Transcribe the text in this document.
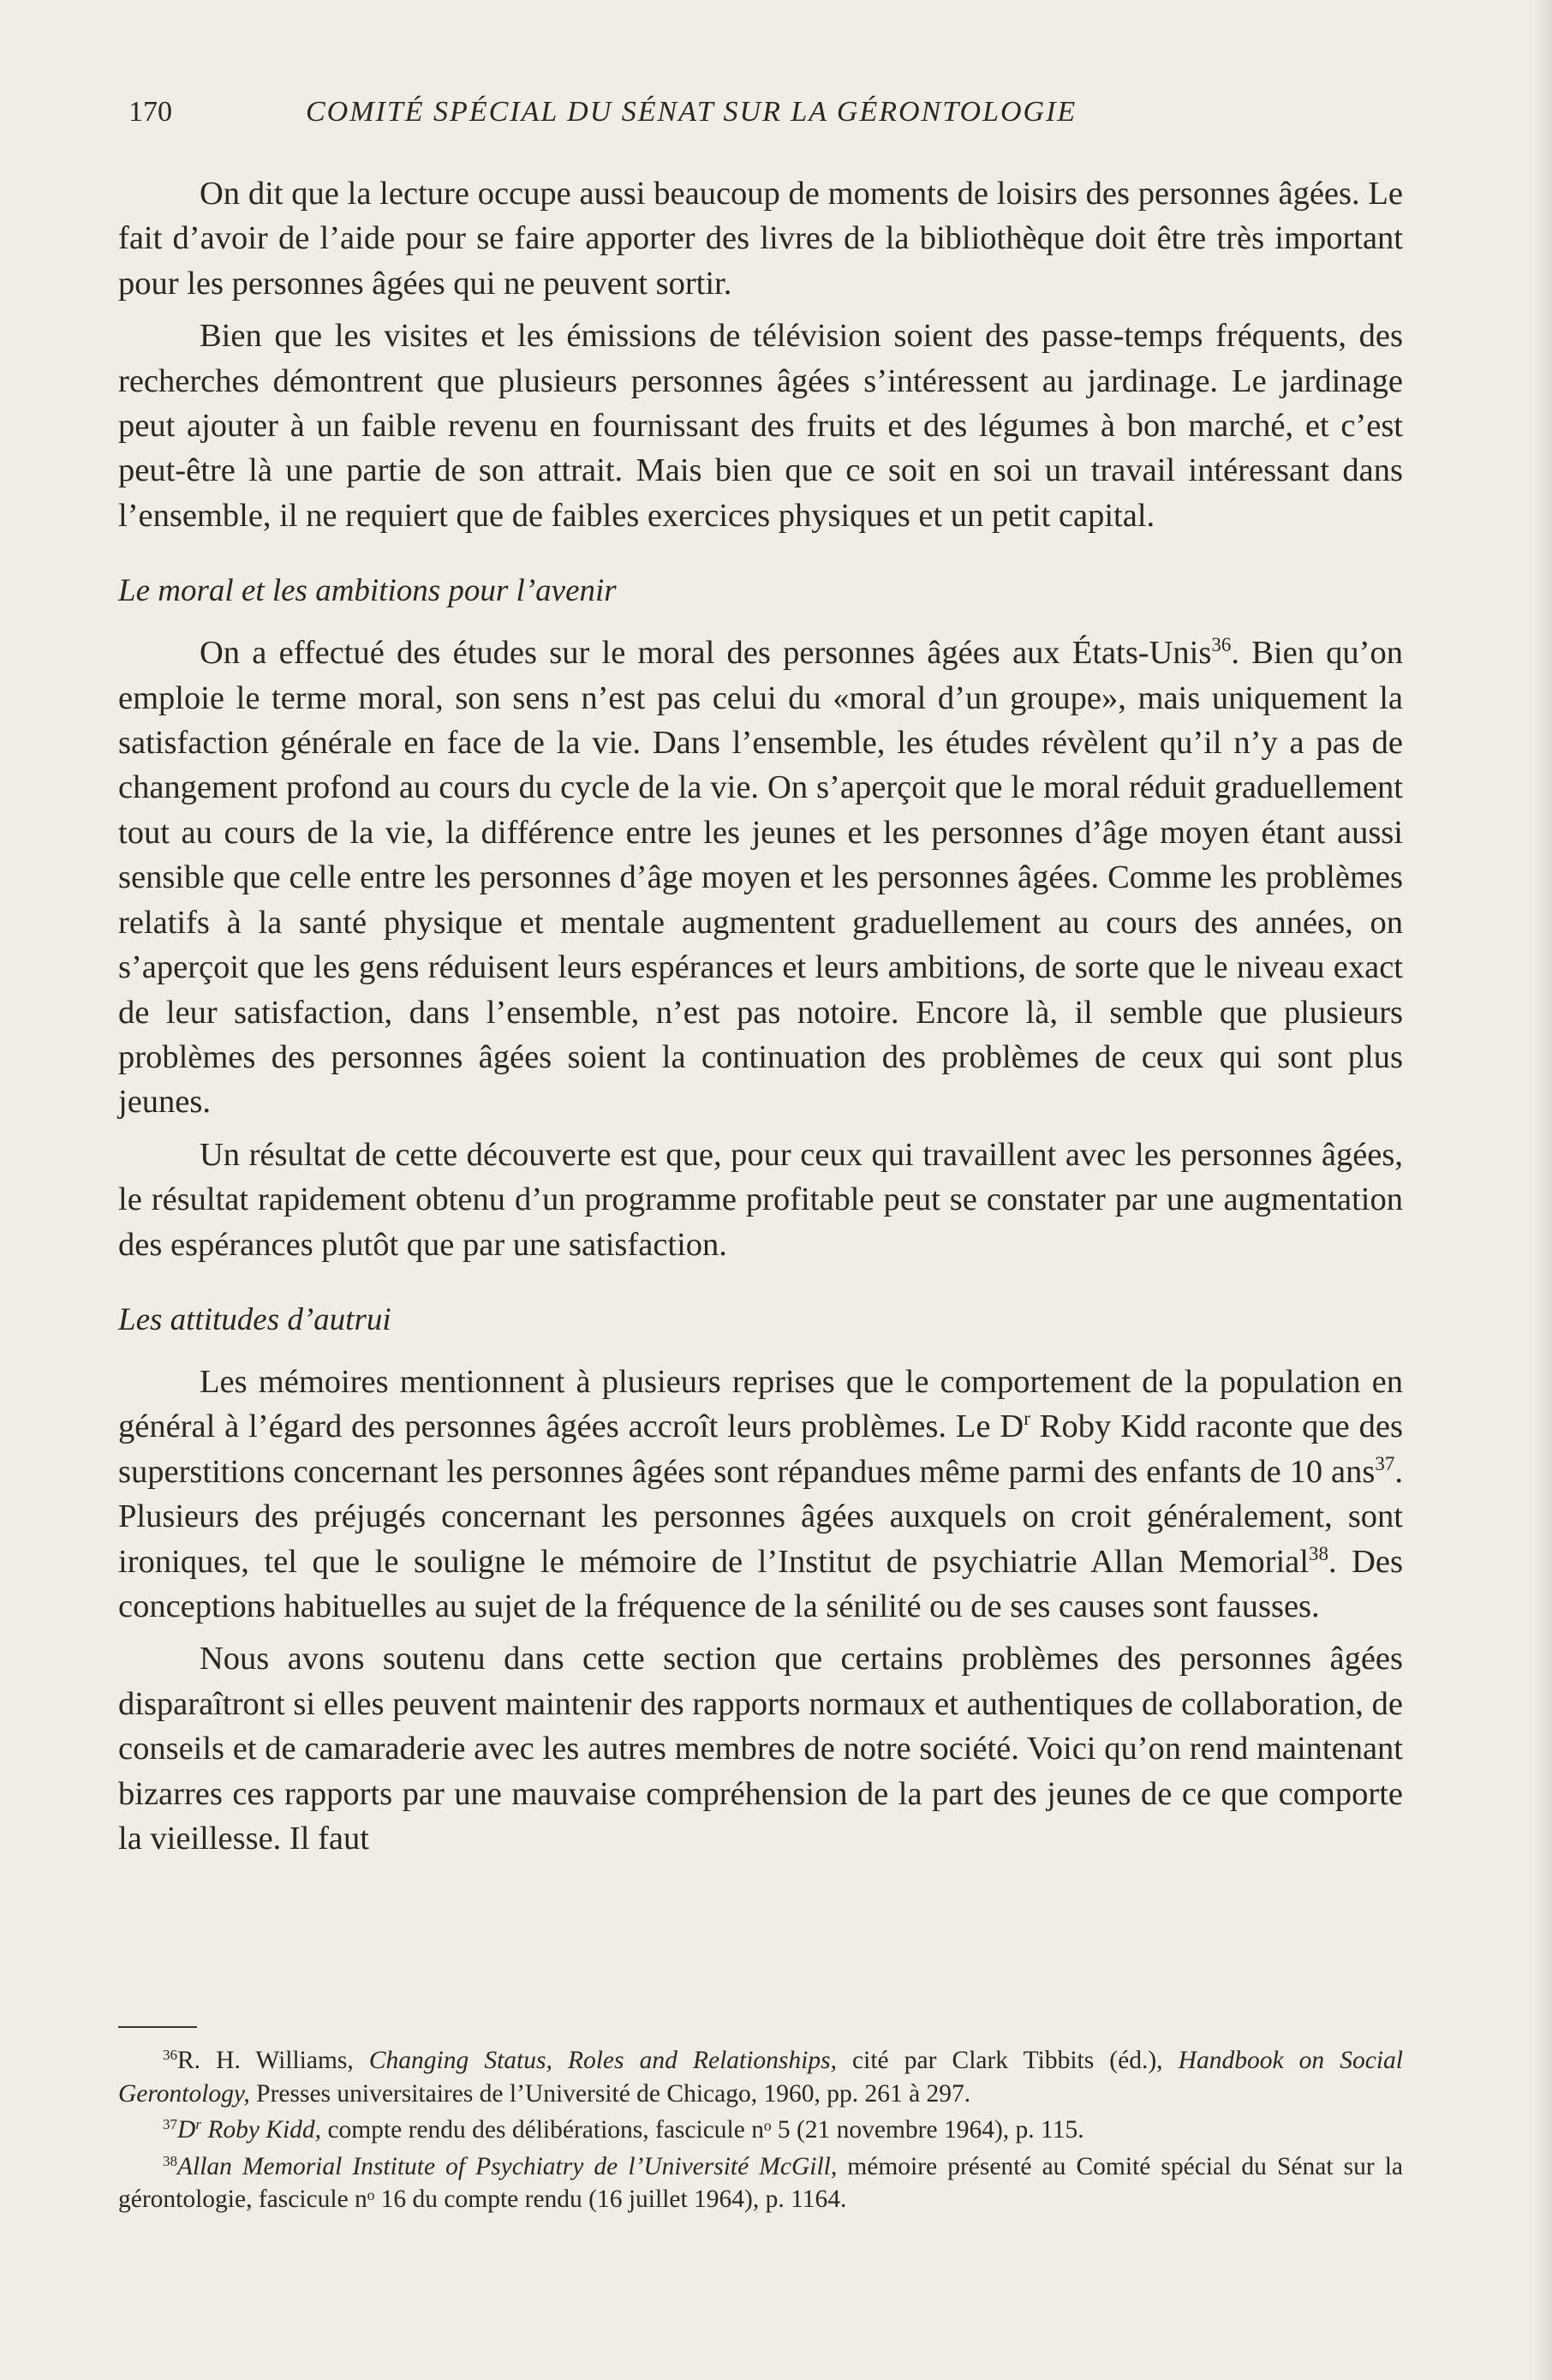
170	COMITÉ SPÉCIAL DU SÉNAT SUR LA GÉRONTOLOGIE

On dit que la lecture occupe aussi beaucoup de moments de loisirs des personnes âgées. Le fait d’avoir de l’aide pour se faire apporter des livres de la bibliothèque doit être très important pour les personnes âgées qui ne peuvent sortir.

Bien que les visites et les émissions de télévision soient des passe-temps fréquents, des recherches démontrent que plusieurs personnes âgées s’intéressent au jardinage. Le jardinage peut ajouter à un faible revenu en fournissant des fruits et des légumes à bon marché, et c’est peut-être là une partie de son attrait. Mais bien que ce soit en soi un travail intéressant dans l’ensemble, il ne requiert que de faibles exercices physiques et un petit capital.

Le moral et les ambitions pour l’avenir

On a effectué des études sur le moral des personnes âgées aux États-Unis$^{36}$. Bien qu’on emploie le terme moral, son sens n’est pas celui du «moral d’un groupe», mais uniquement la satisfaction générale en face de la vie. Dans l’ensemble, les études révèlent qu’il n’y a pas de changement profond au cours du cycle de la vie. On s’aperçoit que le moral réduit graduellement tout au cours de la vie, la différence entre les jeunes et les personnes d’âge moyen étant aussi sensible que celle entre les personnes d’âge moyen et les personnes âgées. Comme les problèmes relatifs à la santé physique et mentale augmentent graduellement au cours des années, on s’aperçoit que les gens réduisent leurs espérances et leurs ambitions, de sorte que le niveau exact de leur satisfaction, dans l’ensemble, n’est pas notoire. Encore là, il semble que plusieurs problèmes des personnes âgées soient la continuation des problèmes de ceux qui sont plus jeunes.

Un résultat de cette découverte est que, pour ceux qui travaillent avec les personnes âgées, le résultat rapidement obtenu d’un programme profitable peut se constater par une augmentation des espérances plutôt que par une satisfaction.

Les attitudes d’autrui

Les mémoires mentionnent à plusieurs reprises que le comportement de la population en général à l’égard des personnes âgées accroît leurs problèmes. Le $D^r$ Roby Kidd raconte que des superstitions concernant les personnes âgées sont répandues même parmi des enfants de 10 ans$^{37}$. Plusieurs des préjugés concernant les personnes âgées auxquels on croit généralement, sont ironiques, tel que le souligne le mémoire de l’Institut de psychiatrie Allan Memorial$^{38}$. Des conceptions habituelles au sujet de la fréquence de la sénilité ou de ses causes sont fausses.

Nous avons soutenu dans cette section que certains problèmes des personnes âgées disparaîtront si elles peuvent maintenir des rapports normaux et authentiques de collaboration, de conseils et de camaraderie avec les autres membres de notre société. Voici qu’on rend maintenant bizarres ces rapports par une mauvaise compréhension de la part des jeunes de ce que comporte la vieillesse. Il faut

$^{36}$R. H. Williams, Changing Status, Roles and Relationships, cité par Clark Tibbits (éd.), Handbook on Social Gerontology, Presses universitaires de l’Université de Chicago, 1960, pp. 261 à 297.

$^{37}$D$^r$ Roby Kidd, compte rendu des délibérations, fascicule nᵒ 5 (21 novembre 1964), p. 115.

$^{38}$Allan Memorial Institute of Psychiatry de l’Université McGill, mémoire présenté au Comité spécial du Sénat sur la gérontologie, fascicule nᵒ 16 du compte rendu (16 juillet 1964), p. 1164.
